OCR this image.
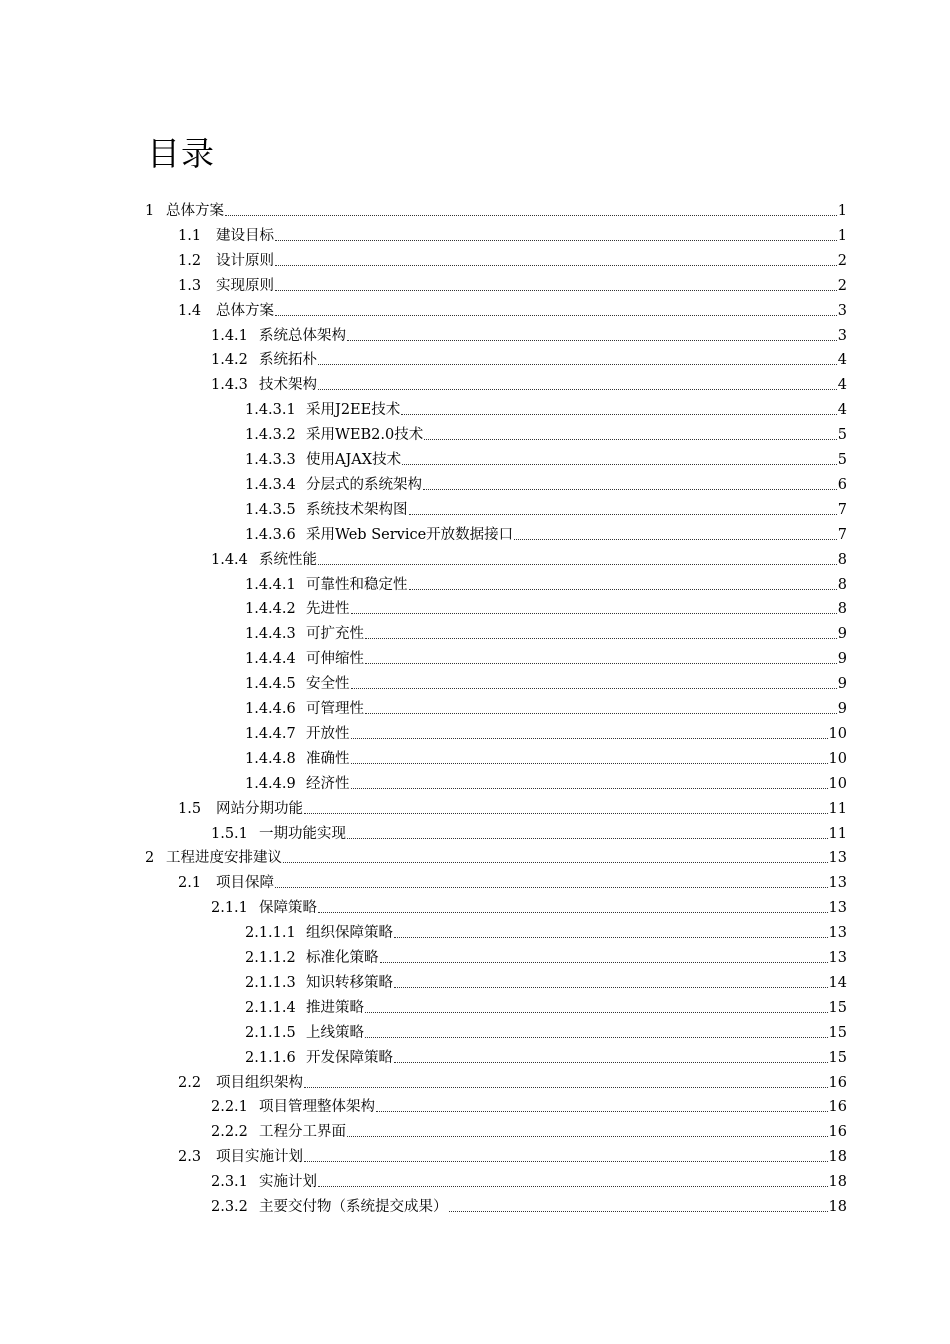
目录
1 总体方案	1
1.1	建设目标	1
1.2	设计原则	2
1.3	实现原则	2
1.4	总体方案	3
1.4.1 系统总体架构	3
1.4.2 系统拓朴	4
1.4.3 技术架构	4
1.4.3.1 采用J2EE技术	4
1.4.3.2 采用WEB2.0技术	5
1.4.3.3 使用AJAX技术	5
1.4.3.4 分层式的系统架构	6
1.4.3.5 系统技术架构图	7
1.4.3.6 采用Web Service开放数据接口	7
1.4.4 系统性能	8
1.4.4.1 可靠性和稳定性	8
1.4.4.2 先进性	8
1.4.4.3 可扩充性	9
1.4.4.4 可伸缩性	9
1.4.4.5 安全性	9
1.4.4.6 可管理性	9
1.4.4.7 开放性	10
1.4.4.8 准确性	10
1.4.4.9 经济性	10
1.5	网站分期功能	11
1.5.1 一期功能实现	11
2 工程进度安排建议	13
2.1	项目保障	13
2.1.1 保障策略	13
2.1.1.1 组织保障策略	13
2.1.1.2 标准化策略	13
2.1.1.3 知识转移策略	14
2.1.1.4 推进策略	15
2.1.1.5 上线策略	15
2.1.1.6 开发保障策略	15
2.2	项目组织架构	16
2.2.1 项目管理整体架构	16
2.2.2 工程分工界面	16
2.3	项目实施计划	18
2.3.1 实施计划	18
2.3.2 主要交付物（系统提交成果）	18
